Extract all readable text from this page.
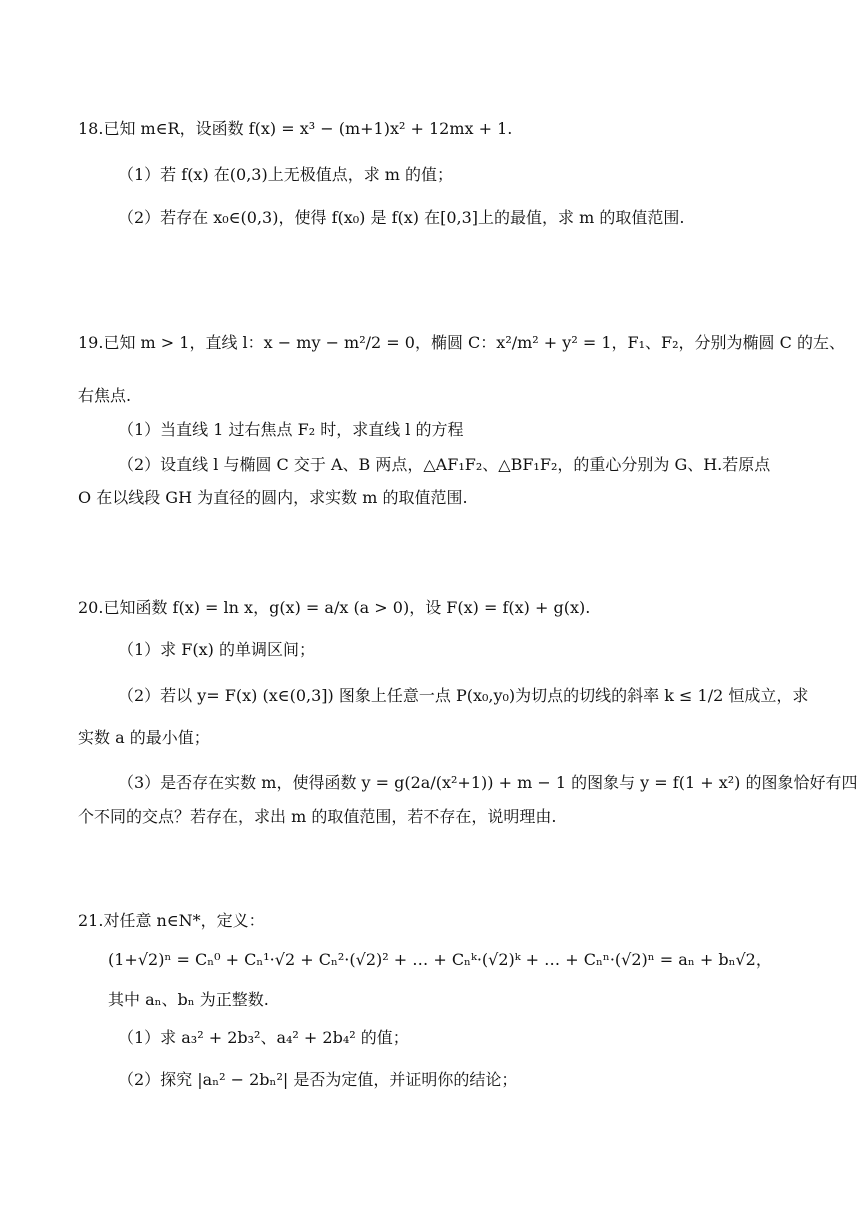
18.已知 m∈R，设函数 f(x) = x³ − (m+1)x² + 12mx + 1.
（1）若 f(x) 在(0,3)上无极值点，求 m 的值；
（2）若存在 x₀∈(0,3)，使得 f(x₀) 是 f(x) 在[0,3]上的最值，求 m 的取值范围.
19.已知 m > 1，直线 l：x − my − m²/2 = 0，椭圆 C：x²/m² + y² = 1，F₁、F₂，分别为椭圆 C 的左、
右焦点.
（1）当直线 1 过右焦点 F₂ 时，求直线 l 的方程
（2）设直线 l 与椭圆 C 交于 A、B 两点，△AF₁F₂、△BF₁F₂，的重心分别为 G、H.若原点
O 在以线段 GH 为直径的圆内，求实数 m 的取值范围.
20.已知函数 f(x) = ln x，g(x) = a/x (a > 0)，设 F(x) = f(x) + g(x).
（1）求 F(x) 的单调区间；
（2）若以 y= F(x) (x∈(0,3]) 图象上任意一点 P(x₀,y₀)为切点的切线的斜率 k ≤ 1/2 恒成立，求
实数 a 的最小值；
（3）是否存在实数 m，使得函数 y = g(2a/(x²+1)) + m − 1 的图象与 y = f(1 + x²) 的图象恰好有四
个不同的交点？若存在，求出 m 的取值范围，若不存在，说明理由.
21.对任意 n∈N*，定义：
(1+√2)ⁿ = Cₙ⁰ + Cₙ¹·√2 + Cₙ²·(√2)² + … + Cₙᵏ·(√2)ᵏ + … + Cₙⁿ·(√2)ⁿ = aₙ + bₙ√2，
其中 aₙ、bₙ 为正整数.
（1）求 a₃² + 2b₃²、a₄² + 2b₄² 的值；
（2）探究 |aₙ² − 2bₙ²| 是否为定值，并证明你的结论；
